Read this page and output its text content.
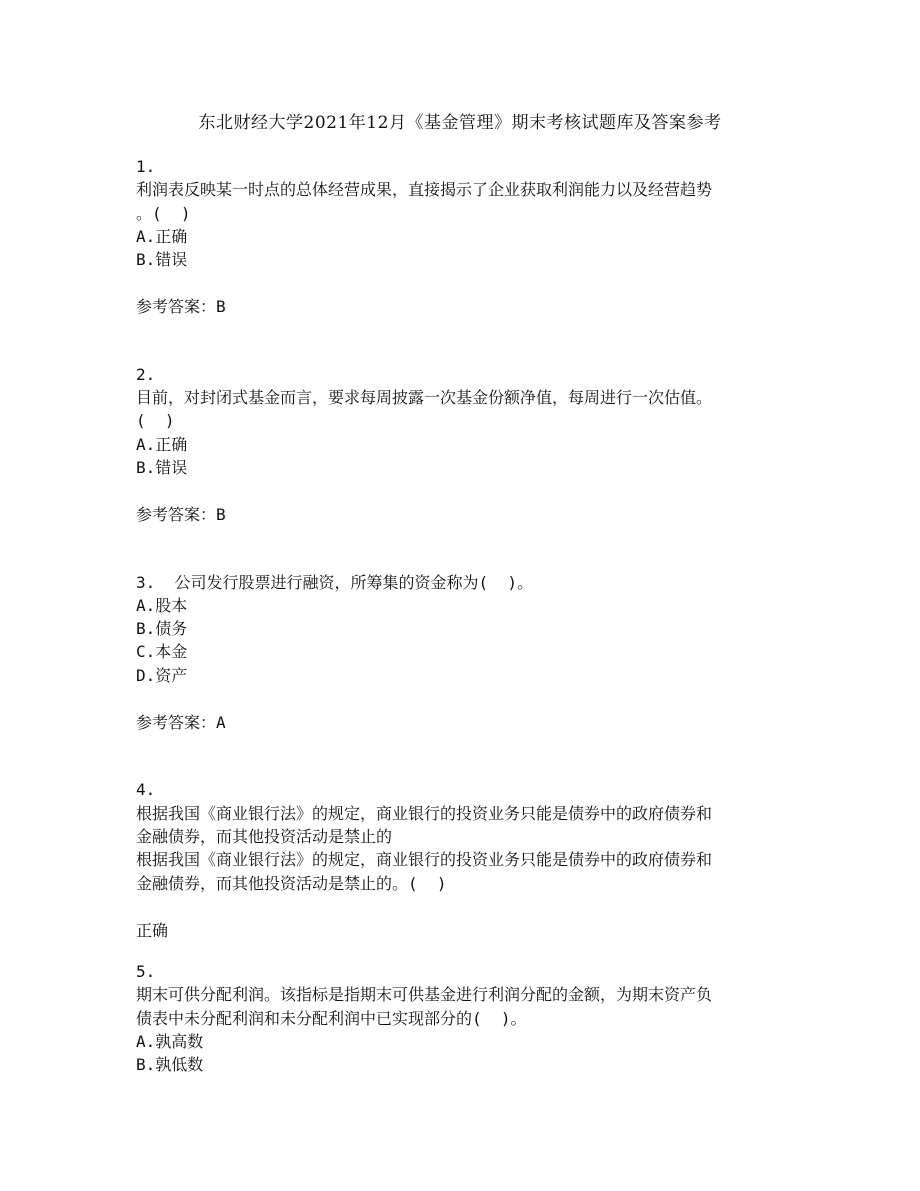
东北财经大学2021年12月《基金管理》期末考核试题库及答案参考
1.
利润表反映某一时点的总体经营成果，直接揭示了企业获取利润能力以及经营趋势
。(  )
A.正确
B.错误
参考答案：B
2.
目前，对封闭式基金而言，要求每周披露一次基金份额净值，每周进行一次估值。
(  )
A.正确
B.错误
参考答案：B
3.  公司发行股票进行融资，所筹集的资金称为(  )。
A.股本
B.债务
C.本金
D.资产
参考答案：A
4.
根据我国《商业银行法》的规定，商业银行的投资业务只能是债券中的政府债券和
金融债券，而其他投资活动是禁止的
根据我国《商业银行法》的规定，商业银行的投资业务只能是债券中的政府债券和
金融债券，而其他投资活动是禁止的。(  )
正确
5.
期末可供分配利润。该指标是指期末可供基金进行利润分配的金额，为期末资产负
债表中未分配利润和未分配利润中已实现部分的(  )。
A.孰高数
B.孰低数
